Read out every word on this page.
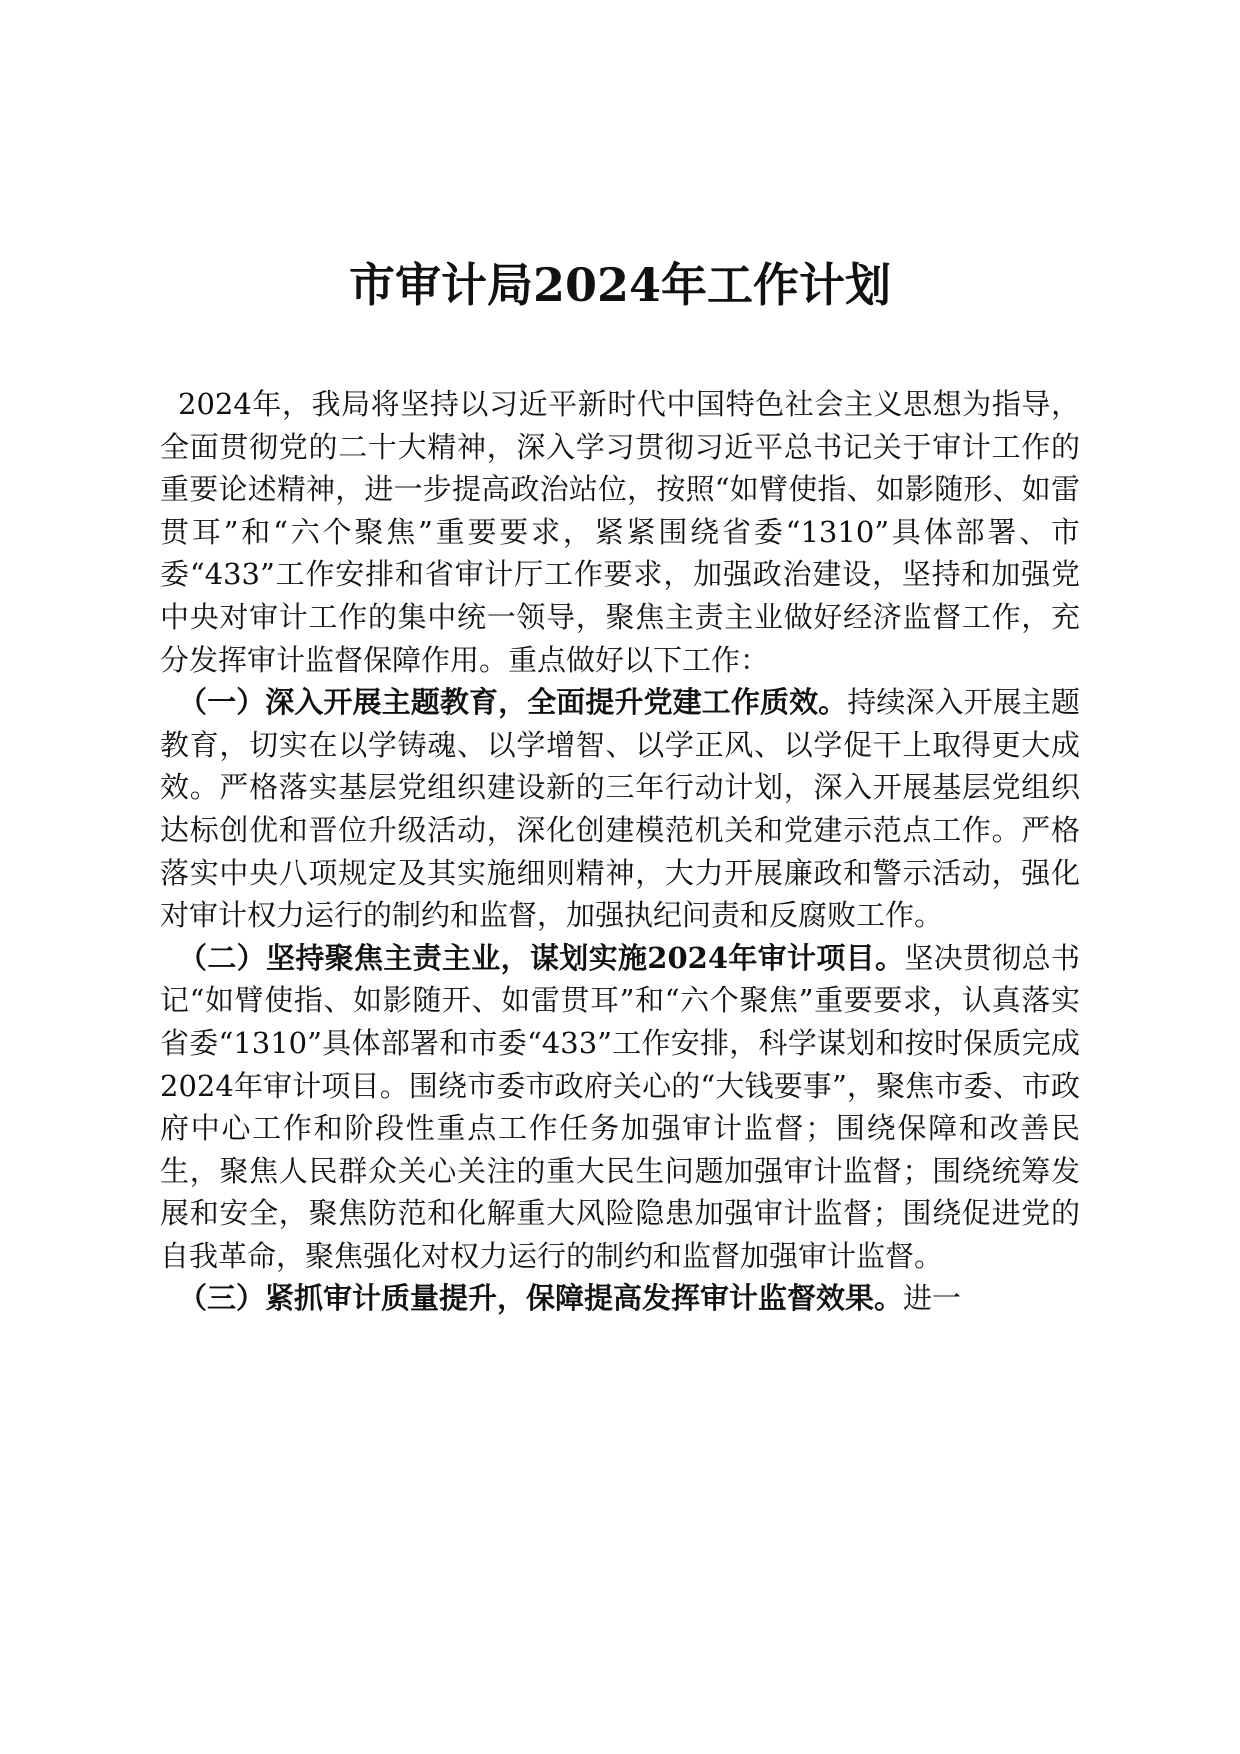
市审计局2024年工作计划

2024年，我局将坚持以习近平新时代中国特色社会主义思想为指导，全面贯彻党的二十大精神，深入学习贯彻习近平总书记关于审计工作的重要论述精神，进一步提高政治站位，按照“如臂使指、如影随形、如雷贯耳”和“六个聚焦”重要要求，紧紧围绕省委“1310”具体部署、市委“433”工作安排和省审计厅工作要求，加强政治建设，坚持和加强党中央对审计工作的集中统一领导，聚焦主责主业做好经济监督工作，充分发挥审计监督保障作用。重点做好以下工作：

（一）深入开展主题教育，全面提升党建工作质效。持续深入开展主题教育，切实在以学铸魂、以学增智、以学正风、以学促干上取得更大成效。严格落实基层党组织建设新的三年行动计划，深入开展基层党组织达标创优和晋位升级活动，深化创建模范机关和党建示范点工作。严格落实中央八项规定及其实施细则精神，大力开展廉政和警示活动，强化对审计权力运行的制约和监督，加强执纪问责和反腐败工作。

（二）坚持聚焦主责主业，谋划实施2024年审计项目。坚决贯彻总书记“如臂使指、如影随开、如雷贯耳”和“六个聚焦”重要要求，认真落实省委“1310”具体部署和市委“433”工作安排，科学谋划和按时保质完成2024年审计项目。围绕市委市政府关心的“大钱要事”，聚焦市委、市政府中心工作和阶段性重点工作任务加强审计监督；围绕保障和改善民生，聚焦人民群众关心关注的重大民生问题加强审计监督；围绕统筹发展和安全，聚焦防范和化解重大风险隐患加强审计监督；围绕促进党的自我革命，聚焦强化对权力运行的制约和监督加强审计监督。

（三）紧抓审计质量提升，保障提高发挥审计监督效果。进一
